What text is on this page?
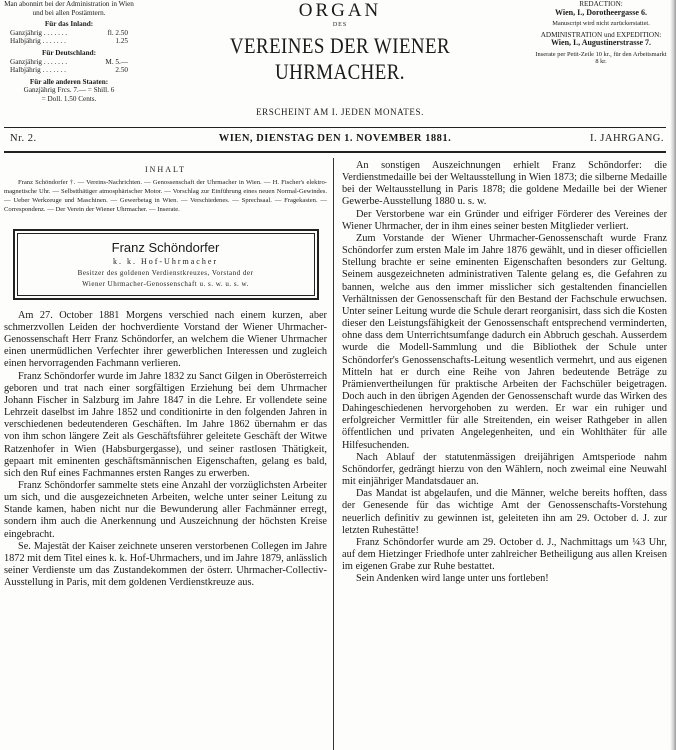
Man abonnirt bei der Administration in Wien und bei allen Postämtern.
Für das Inland:
Ganzjährig . . . . . . .	fl. 2.50
Halbjährig . . . . . . .	1.25
Für Deutschland:
Ganzjährig . . . . . . .	M. 5.—
Halbjährig . . . . . . .	2.50
Für alle anderen Staaten:
Ganzjährig Frcs. 7.— = Shill. 6
= Doll. 1.50 Cents.
ORGAN
DES
VEREINES DER WIENER UHRMACHER.
ERSCHEINT AM I. JEDEN MONATES.
REDACTION:
Wien, I., Dorotheergasse 6.
Manuscript wird nicht zurückerstattet.
ADMINISTRATION und EXPEDITION:
Wien, I., Augustinerstrasse 7.
Inserate per Petit-Zeile 10 kr., für den Arbeitsmarkt 8 kr.
Nr. 2.	WIEN, DIENSTAG DEN 1. NOVEMBER 1881.	I. JAHRGANG.
INHALT

Franz Schöndorfer †. — Vereins-Nachrichten. — Genossenschaft der Uhrmacher in Wien. — H. Fischer's elektro-magnetische Uhr. — Selbstthätiger atmosphärischer Motor. — Vorschlag zur Einführung eines neuen Normal-Gewindes. — Ueber Werkzeuge und Maschinen. — Gewerbetag in Wien. — Verschiedenes. — Sprechsaal. — Fragekasten. — Correspondenz. — Der Verein der Wiener Uhrmacher. — Inserate.

Franz Schöndorfer
k. k. Hof-Uhrmacher
Besitzer des goldenen Verdienstkreuzes, Vorstand der
Wiener Uhrmacher-Genossenschaft u. s. w. u. s. w.

Am 27. October 1881 Morgens verschied nach einem kurzen, aber schmerzvollen Leiden der hochverdiente Vorstand der Wiener Uhrmacher-Genossenschaft Herr Franz Schöndorfer, an welchem die Wiener Uhrmacher einen unermüdlichen Verfechter ihrer gewerblichen Interessen und zugleich einen hervorragenden Fachmann verlieren.

Franz Schöndorfer wurde im Jahre 1832 zu Sanct Gilgen in Oberösterreich geboren und trat nach einer sorgfältigen Erziehung bei dem Uhrmacher Johann Fischer in Salzburg im Jahre 1847 in die Lehre. Er vollendete seine Lehrzeit daselbst im Jahre 1852 und conditionirte in den folgenden Jahren in verschiedenen bedeutenderen Geschäften. Im Jahre 1862 übernahm er das von ihm schon längere Zeit als Geschäftsführer geleitete Geschäft der Witwe Ratzenhofer in Wien (Habsburgergasse), und seiner rastlosen Thätigkeit, gepaart mit eminenten geschäftsmännischen Eigenschaften, gelang es bald, sich den Ruf eines Fachmannes ersten Ranges zu erwerben.

Franz Schöndorfer sammelte stets eine Anzahl der vorzüglichsten Arbeiter um sich, und die ausgezeichneten Arbeiten, welche unter seiner Leitung zu Stande kamen, haben nicht nur die Bewunderung aller Fachmänner erregt, sondern ihm auch die Anerkennung und Auszeichnung der höchsten Kreise eingebracht.

Se. Majestät der Kaiser zeichnete unseren verstorbenen Collegen im Jahre 1872 mit dem Titel eines k. k. Hof-Uhrmachers, und im Jahre 1879, anlässlich seiner Verdienste um das Zustandekommen der österr. Uhrmacher-Collectiv-Ausstellung in Paris, mit dem goldenen Verdienstkreuze aus.

An sonstigen Auszeichnungen erhielt Franz Schöndorfer: die Verdienstmedaille bei der Weltausstellung in Wien 1873; die silberne Medaille bei der Weltausstellung in Paris 1878; die goldene Medaille bei der Wiener Gewerbe-Ausstellung 1880 u. s. w.

Der Verstorbene war ein Gründer und eifriger Förderer des Vereines der Wiener Uhrmacher, der in ihm eines seiner besten Mitglieder verliert.

Zum Vorstande der Wiener Uhrmacher-Genossenschaft wurde Franz Schöndorfer zum ersten Male im Jahre 1876 gewählt, und in dieser officiellen Stellung brachte er seine eminenten Eigenschaften besonders zur Geltung. Seinem ausgezeichneten administrativen Talente gelang es, die Gefahren zu bannen, welche aus den immer misslicher sich gestaltenden financiellen Verhältnissen der Genossenschaft für den Bestand der Fachschule erwuchsen. Unter seiner Leitung wurde die Schule derart reorganisirt, dass sich die Kosten dieser den Leistungsfähigkeit der Genossenschaft entsprechend verminderten, ohne dass dem Unterrichtsumfange dadurch ein Abbruch geschah. Ausserdem wurde die Modell-Sammlung und die Bibliothek der Schule unter Schöndorfer's Genossenschafts-Leitung wesentlich vermehrt, und aus eigenen Mitteln hat er durch eine Reihe von Jahren bedeutende Beträge zu Prämienvertheilungen für praktische Arbeiten der Fachschüler beigetragen. Doch auch in den übrigen Agenden der Genossenschaft wurde das Wirken des Dahingeschiedenen hervorgehoben zu werden. Er war ein ruhiger und erfolgreicher Vermittler für alle Streitenden, ein weiser Rathgeber in allen öffentlichen und privaten Angelegenheiten, und ein Wohlthäter für alle Hilfesuchenden.

Nach Ablauf der statutenmässigen dreijährigen Amtsperiode nahm Schöndorfer, gedrängt hierzu von den Wählern, noch zweimal eine Neuwahl mit einjähriger Mandatsdauer an.

Das Mandat ist abgelaufen, und die Männer, welche bereits hofften, dass der Genesende für das wichtige Amt der Genossenschafts-Vorstehung neuerlich definitiv zu gewinnen ist, geleiteten ihn am 29. October d. J. zur letzten Ruhestätte!

Franz Schöndorfer wurde am 29. October d. J., Nachmittags um ¼3 Uhr, auf dem Hietzinger Friedhofe unter zahlreicher Betheiligung aus allen Kreisen im eigenen Grabe zur Ruhe bestattet.

Sein Andenken wird lange unter uns fortleben!
